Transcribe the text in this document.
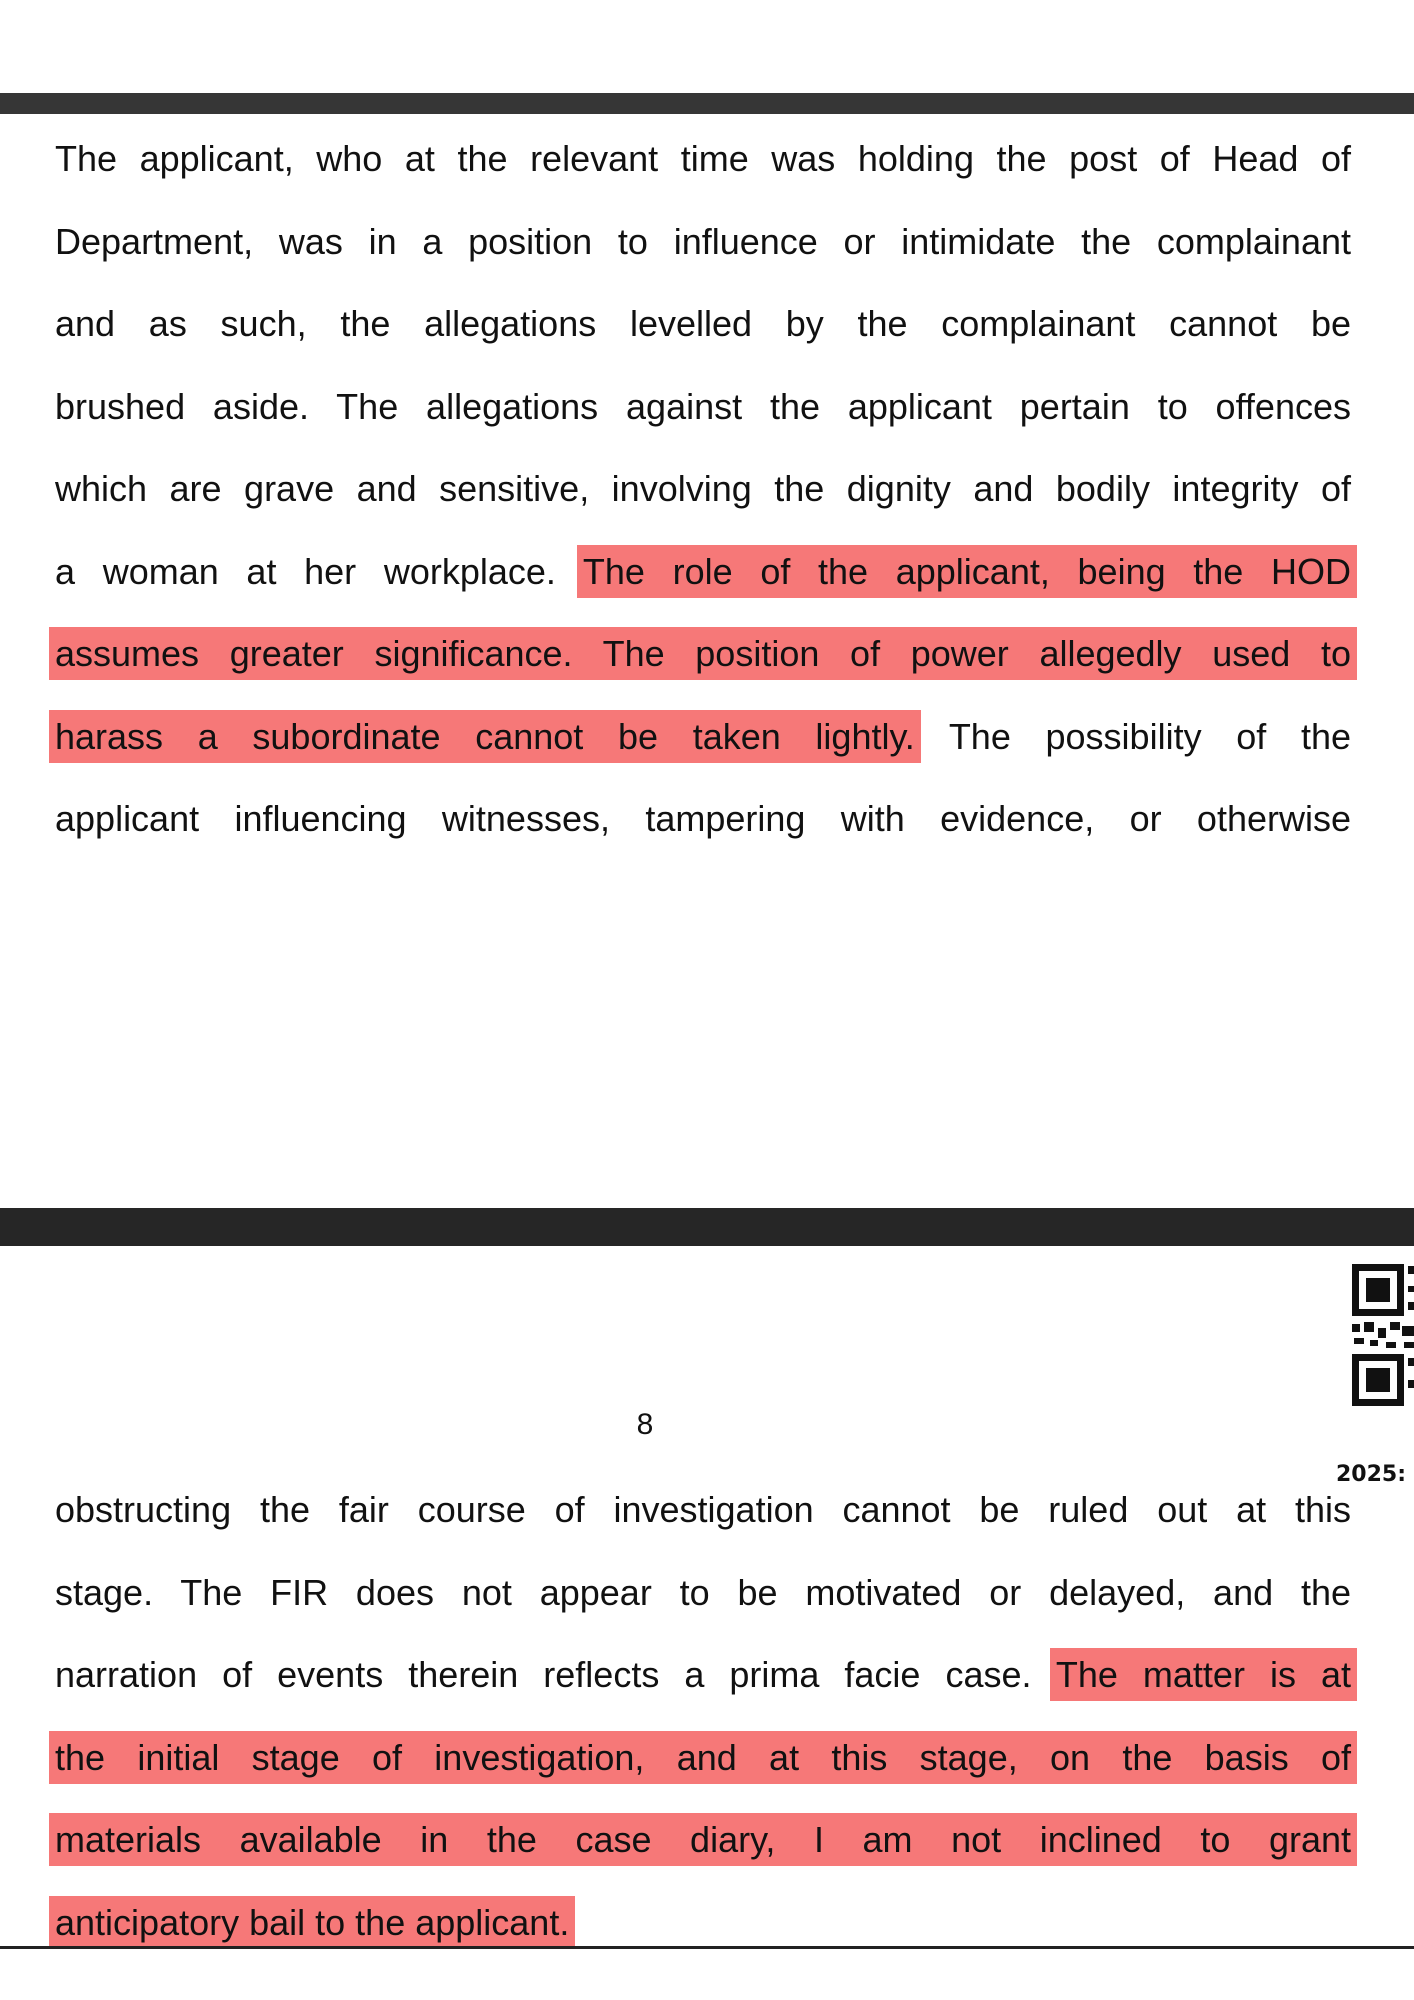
The applicant, who at the relevant time was holding the post of Head of
Department, was in a position to influence or intimidate the complainant
and as such, the allegations levelled by the complainant cannot be
brushed aside. The allegations against the applicant pertain to offences
which are grave and sensitive, involving the dignity and bodily integrity of
a woman at her workplace. The role of the applicant, being the HOD
assumes greater significance. The position of power allegedly used to
harass a subordinate cannot be taken lightly. The possibility of the
applicant influencing witnesses, tampering with evidence, or otherwise
8
2025:
obstructing the fair course of investigation cannot be ruled out at this
stage. The FIR does not appear to be motivated or delayed, and the
narration of events therein reflects a prima facie case. The matter is at
the initial stage of investigation, and at this stage, on the basis of
materials available in the case diary, I am not inclined to grant
anticipatory bail to the applicant.
